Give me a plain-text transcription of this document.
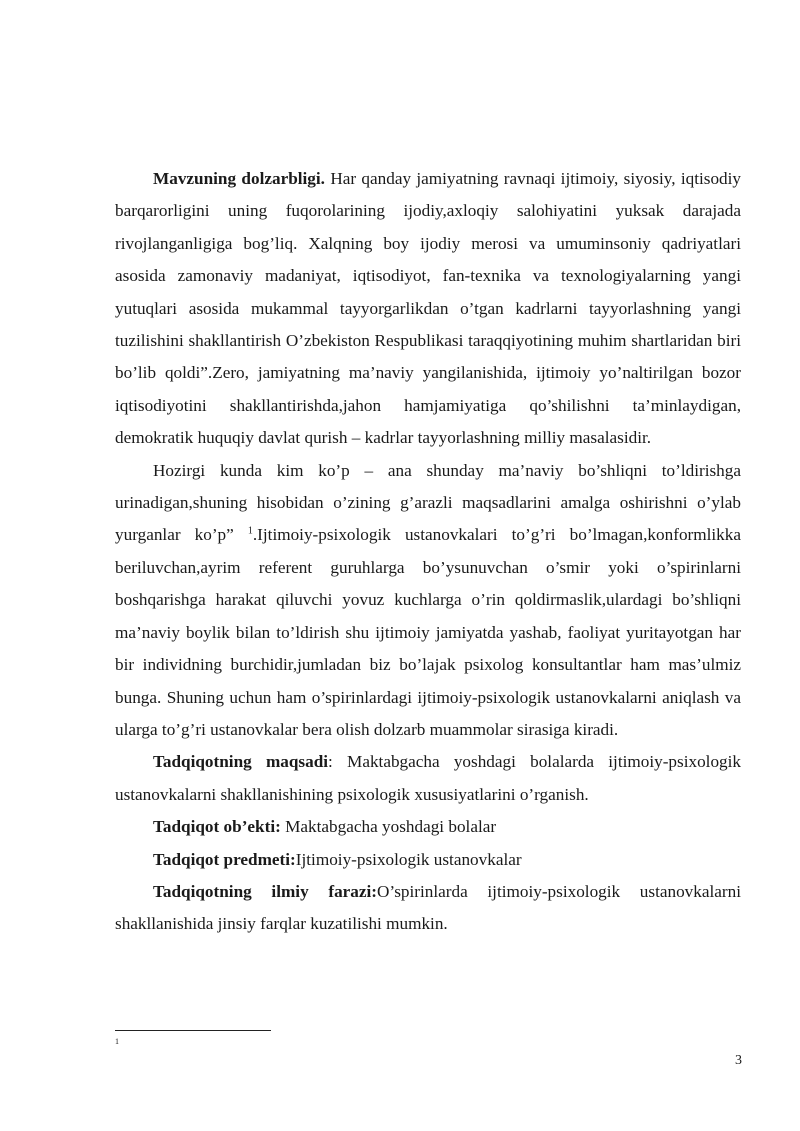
Mavzuning dolzarbligi. Har qanday jamiyatning ravnaqi ijtimoiy, siyosiy, iqtisodiy barqarorligini uning fuqorolarining ijodiy,axloqiy salohiyatini yuksak darajada rivojlanganligiga bog’liq. Xalqning boy ijodiy merosi va umuminsoniy qadriyatlari asosida zamonaviy madaniyat, iqtisodiyot, fan-texnika va texnologiyalarning yangi yutuqlari asosida mukammal tayyorgarlikdan o’tgan kadrlarni tayyorlashning yangi tuzilishini shakllantirish O’zbekiston Respublikasi taraqqiyotining muhim shartlaridan biri bo’lib qoldi”.Zero, jamiyatning ma’naviy yangilanishida, ijtimoiy yo’naltirilgan bozor iqtisodiyotini shakllantirishda,jahon hamjamiyatiga qo’shilishni ta’minlaydigan, demokratik huquqiy davlat qurish – kadrlar tayyorlashning milliy masalasidir.

Hozirgi kunda kim ko’p – ana shunday ma’naviy bo’shliqni to’ldirishga urinadigan,shuning hisobidan o’zining g’arazli maqsadlarini amalga oshirishni o’ylab yurganlar ko’p” $^1$.Ijtimoiy-psixologik ustanovkalari to’g’ri bo’lmagan,konformlikka beriluvchan,ayrim referent guruhlarga bo’ysunuvchan o’smir yoki o’spirinlarni boshqarishga harakat qiluvchi yovuz kuchlarga o’rin qoldirmaslik,ulardagi bo’shliqni ma’naviy boylik bilan to’ldirish shu ijtimoiy jamiyatda yashab, faoliyat yuritayotgan har bir individning burchidir,jumladan biz bo’lajak psixolog konsultantlar ham mas’ulmiz bunga. Shuning uchun ham o’spirinlardagi ijtimoiy-psixologik ustanovkalarni aniqlash va ularga to’g’ri ustanovkalar bera olish dolzarb muammolar sirasiga kiradi.

Tadqiqotning maqsadi: Maktabgacha yoshdagi bolalarda ijtimoiy-psixologik ustanovkalarni shakllanishining psixologik xususiyatlarini o’rganish.

Tadqiqot ob’ekti: Maktabgacha yoshdagi bolalar

Tadqiqot predmeti:Ijtimoiy-psixologik ustanovkalar

Tadqiqotning ilmiy farazi:O’spirinlarda ijtimoiy-psixologik ustanovkalarni shakllanishida jinsiy farqlar kuzatilishi mumkin.

1
3
